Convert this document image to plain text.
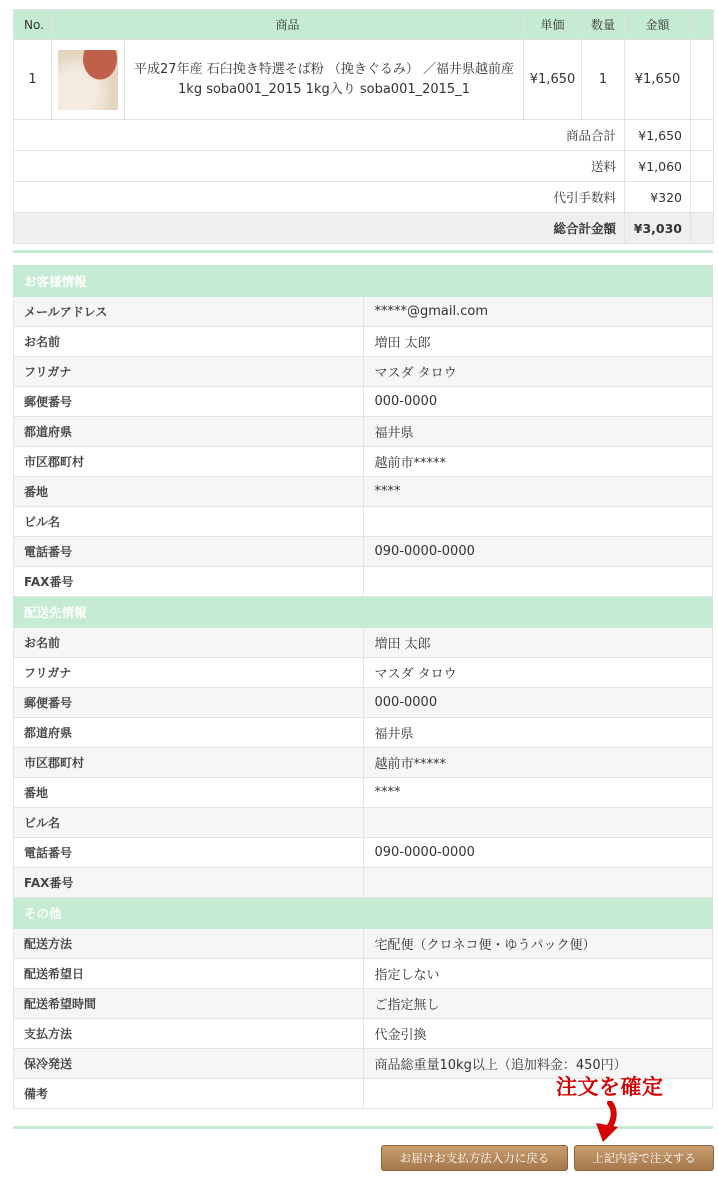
No.	商品		単価	数量	金額	
1		平成27年産 石臼挽き特選そば粉 （挽きぐるみ） ／福井県越前産 1kg soba001_2015 1kg入り soba001_2015_1	¥1,650	1	¥1,650	
商品合計					¥1,650	
送料					¥1,060	
代引手数料					¥320	
総合計金額					¥3,030	
お客様情報	
メールアドレス	*****@gmail.com
お名前	増田 太郎
フリガナ	マスダ タロウ
郵便番号	000-0000
都道府県	福井県
市区郡町村	越前市*****
番地	****
ビル名	
電話番号	090-0000-0000
FAX番号	
配送先情報	
お名前	増田 太郎
フリガナ	マスダ タロウ
郵便番号	000-0000
都道府県	福井県
市区郡町村	越前市*****
番地	****
ビル名	
電話番号	090-0000-0000
FAX番号	
その他	
配送方法	宅配便（クロネコ便・ゆうパック便）
配送希望日	指定しない
配送希望時間	ご指定無し
支払方法	代金引換
保冷発送	商品総重量10kg以上（追加料金：450円）
備考		注文を確定
お届けお支払方法入力に戻る	上記内容で注文する
